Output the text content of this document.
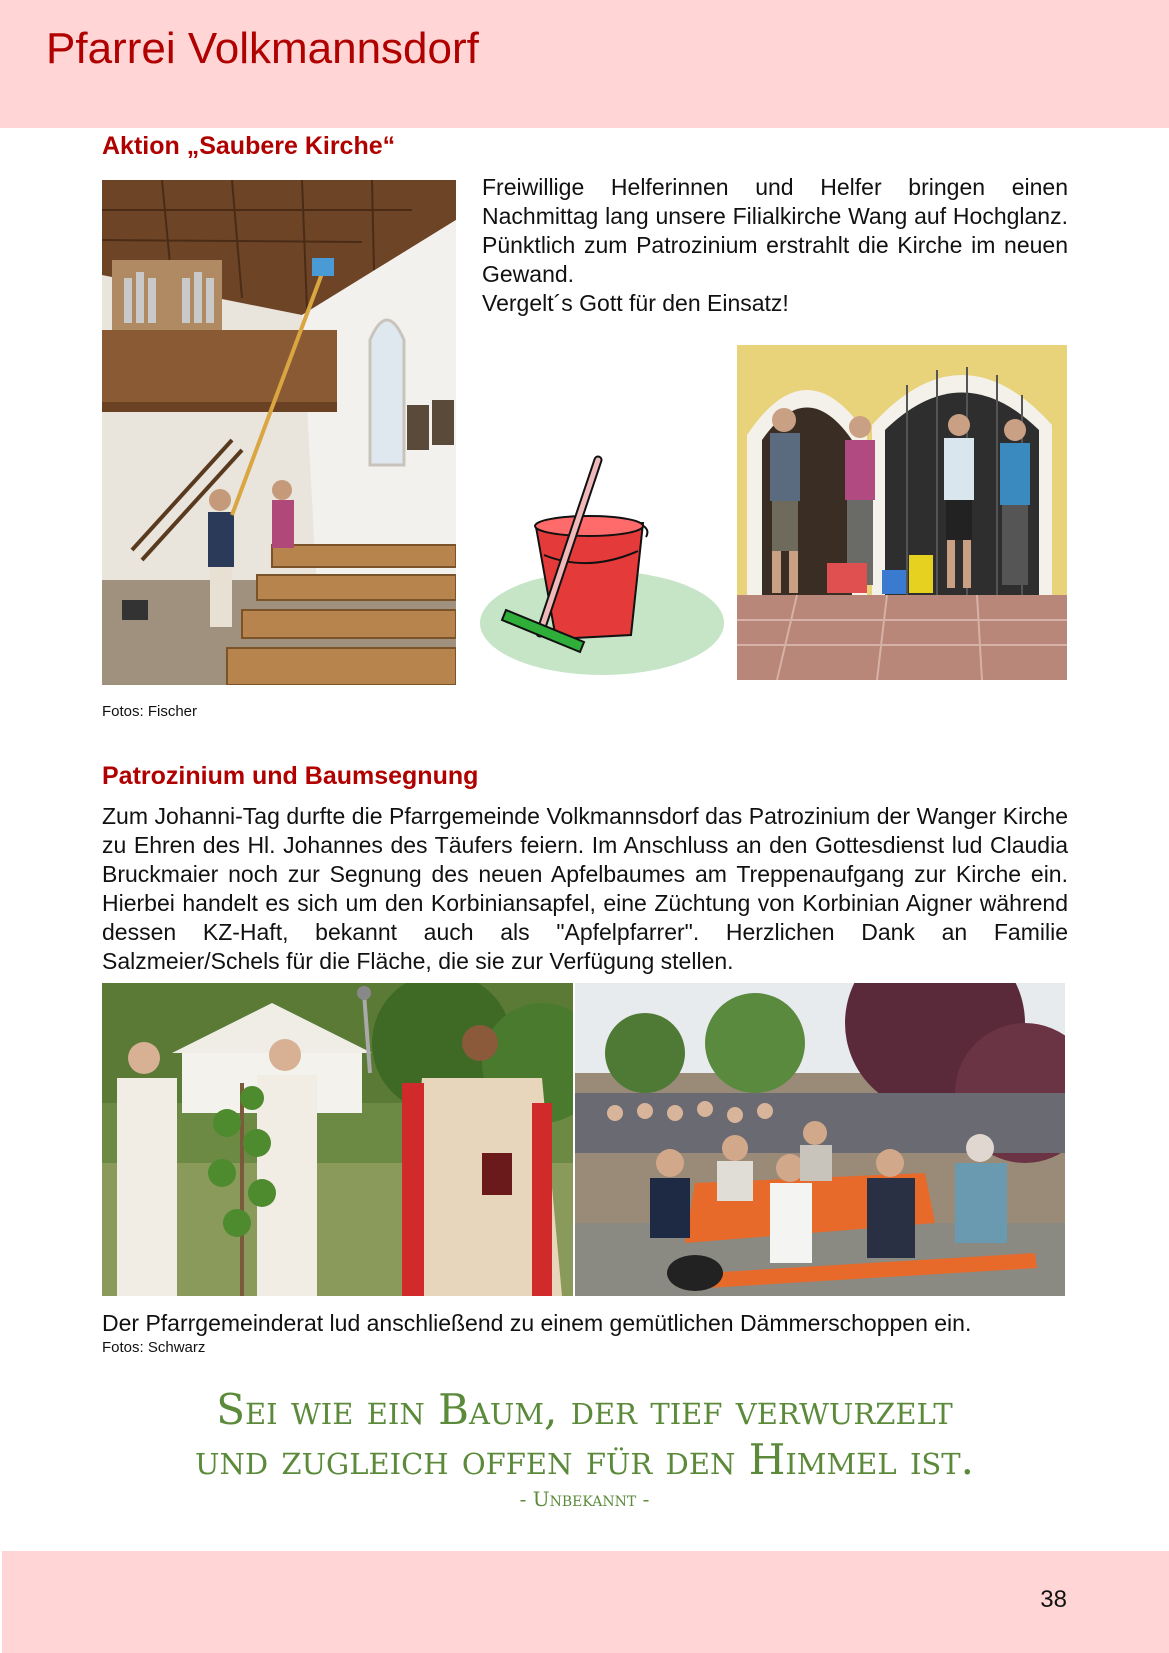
Pfarrei Volkmannsdorf
Aktion „Saubere Kirche“

Freiwillige Helferinnen und Helfer bringen einen Nachmittag lang unsere Filialkirche Wang auf Hochglanz. Pünktlich zum Patrozinium erstrahlt die Kirche im neuen Gewand.

Vergelt´s Gott für den Einsatz!

Fotos: Fischer
Patrozinium und Baumsegnung

Zum Johanni-Tag durfte die Pfarrgemeinde Volkmannsdorf das Patrozinium der Wanger Kirche zu Ehren des Hl. Johannes des Täufers feiern. Im Anschluss an den Gottesdienst lud Claudia Bruckmaier noch zur Segnung des neuen Apfelbaumes am Treppenaufgang zur Kirche ein. Hierbei handelt es sich um den Korbiniansapfel, eine Züchtung von Korbinian Aigner während dessen KZ-Haft, bekannt auch als "Apfelpfarrer". Herzlichen Dank an Familie Salzmeier/Schels für die Fläche, die sie zur Verfügung stellen.

Der Pfarrgemeinderat lud anschließend zu einem gemütlichen Dämmerschoppen ein.
Fotos: Schwarz
Sei wie ein Baum, der tief verwurzelt
und zugleich offen für den Himmel ist.
- Unbekannt -
38
